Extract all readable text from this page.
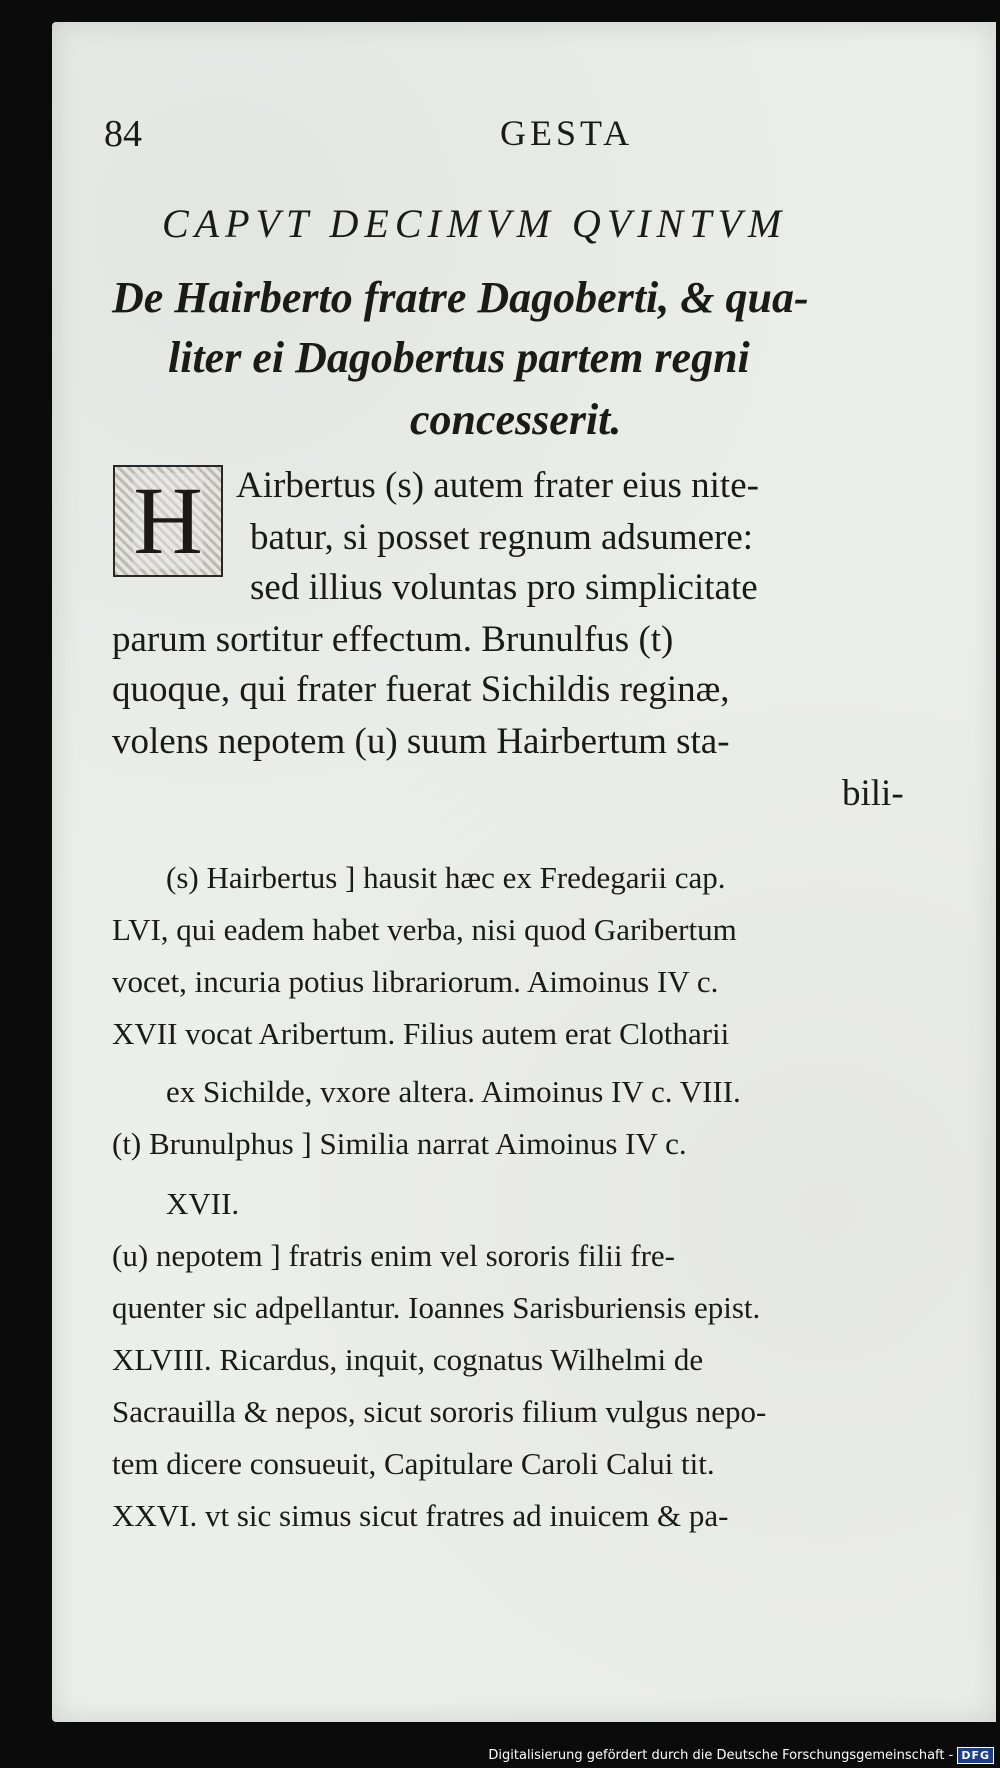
84	GESTA
CAPVT DECIMVM QVINTVM
De Hairberto fratre Dagoberti, & qua-
liter ei Dagobertus partem regni
concesserit.
H Airbertus (s) autem frater eius nite-
batur, si posset regnum adsumere:
sed illius voluntas pro simplicitate
parum sortitur effectum. Brunulfus (t)
quoque, qui frater fuerat Sichildis reginæ,
volens nepotem (u) suum Hairbertum sta-
bili-
(s) Hairbertus ] hausit hæc ex Fredegarii cap.
LVI, qui eadem habet verba, nisi quod Garibertum
vocet, incuria potius librariorum. Aimoinus IV c.
XVII vocat Aribertum. Filius autem erat Clotharii
ex Sichilde, vxore altera. Aimoinus IV c. VIII.
(t) Brunulphus ] Similia narrat Aimoinus IV c.
XVII.
(u) nepotem ] fratris enim vel sororis filii fre-
quenter sic adpellantur. Ioannes Sarisburiensis epist.
XLVIII. Ricardus, inquit, cognatus Wilhelmi de
Sacrauilla & nepos, sicut sororis filium vulgus nepo-
tem dicere consueuit, Capitulare Caroli Calui tit.
XXVI. vt sic simus sicut fratres ad inuicem & pa-
Digitalisierung gefördert durch die Deutsche Forschungsgemeinschaft - DFG
